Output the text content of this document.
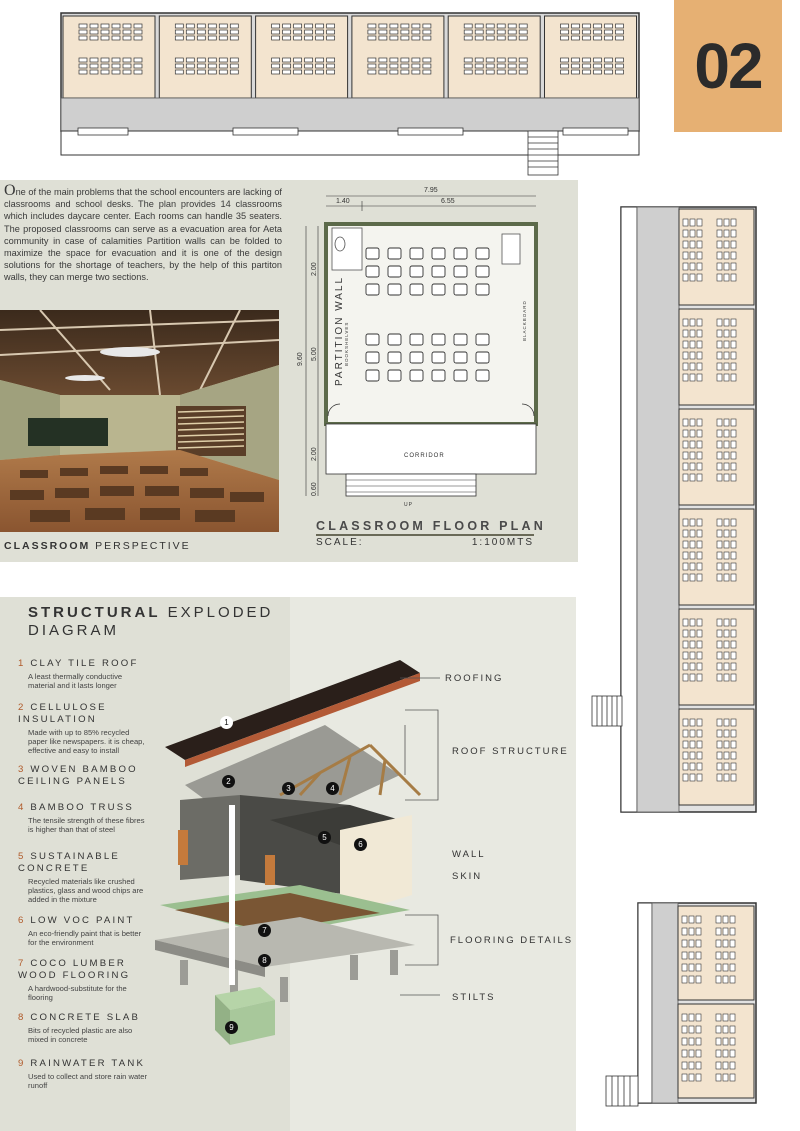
02
One of the main problems that the school encounters are lacking of classrooms and school desks. The plan provides 14 classrooms which includes daycare center. Each rooms can handle 35 seaters. The proposed classrooms can serve as a evacuation area for Aeta community in case of calamities Partition walls can be folded to maximize the space for evacuation and it is one of the design solutions for the shortage of teachers, by the help of this partiton walls, they can merge two sections.
CLASSROOM PERSPECTIVE
7.95
1.40	6.55
9.60
2.00
5.00
2.00
0.60
PARTITION WALL BOOKSHELVES
BLACKBOARD
CORRIDOR
UP
CLASSROOM FLOOR PLAN
SCALE:	1:100MTS
STRUCTURAL EXPLODED
DIAGRAM
1 CLAY TILE ROOF
A least thermally conductive material and it lasts longer
2 CELLULOSE INSULATION
Made with up to 85% recycled paper like newspapers. it is cheap, effective and easy to install
3 WOVEN BAMBOO CEILING PANELS
4 BAMBOO TRUSS
The tensile strength of these fibres is higher than that of steel
5 SUSTAINABLE CONCRETE
Recycled materials like crushed plastics, glass and wood chips are added in the mixture
6 LOW VOC PAINT
An eco-friendly paint that is better for the environment
7 COCO LUMBER WOOD FLOORING
A hardwood-substitute for the flooring
8 CONCRETE SLAB
Bits of recycled plastic are also mixed in concrete
9 RAINWATER TANK
Used to collect and store rain water runoff
1
2
3	4
5
6
7
8
9
ROOFING
ROOF STRUCTURE
WALL
SKIN
FLOORING DETAILS
STILTS
